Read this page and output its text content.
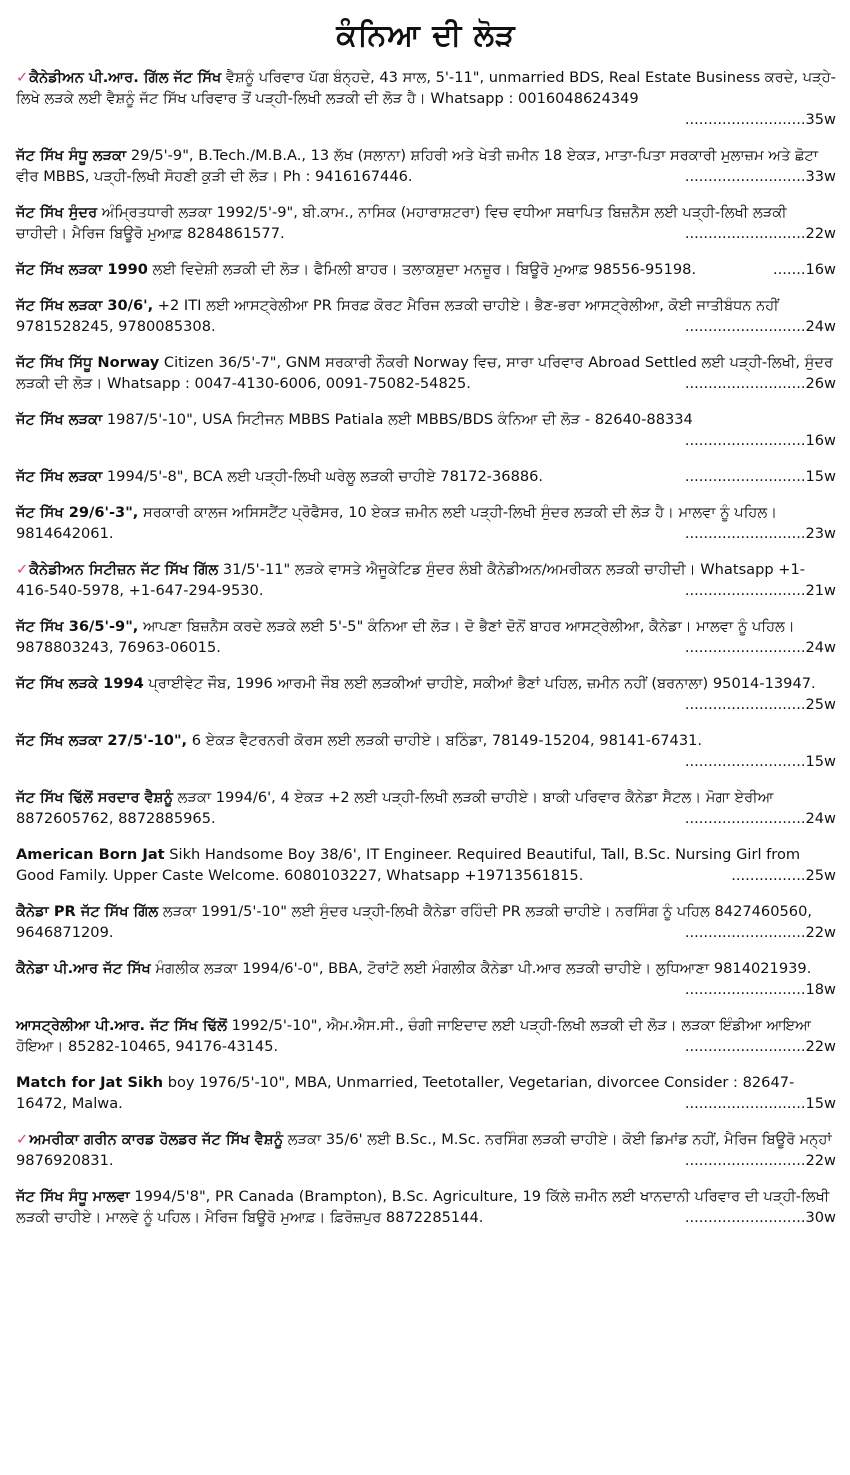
ਕੰਨਿਆ ਦੀ ਲੋੜ
✓ਕੈਨੇਡੀਅਨ ਪੀ.ਆਰ. ਗਿੱਲ ਜੱਟ ਸਿੱਖ ਵੈਸ਼ਨੂੰ ਪਰਿਵਾਰ ਪੱਗ ਬੰਨ੍ਹਦੇ, 43 ਸਾਲ, 5'-11", unmarried BDS, Real Estate Business ਕਰਦੇ, ਪੜ੍ਹੇ-ਲਿਖੇ ਲੜਕੇ ਲਈ ਵੈਸ਼ਨੂੰ ਜੱਟ ਸਿੱਖ ਪਰਿਵਾਰ ਤੋਂ ਪੜ੍ਹੀ-ਲਿਖੀ ਲੜਕੀ ਦੀ ਲੋੜ ਹੈ। Whatsapp : 0016048624349
..........................35w
ਜੱਟ ਸਿੱਖ ਸੰਧੂ ਲੜਕਾ 29/5'-9", B.Tech./M.B.A., 13 ਲੱਖ (ਸਲਾਨਾ) ਸ਼ਹਿਰੀ ਅਤੇ ਖੇਤੀ ਜ਼ਮੀਨ 18 ਏਕੜ, ਮਾਤਾ-ਪਿਤਾ ਸਰਕਾਰੀ ਮੁਲਾਜ਼ਮ ਅਤੇ ਛੋਟਾ ਵੀਰ MBBS, ਪੜ੍ਹੀ-ਲਿਖੀ ਸੋਹਣੀ ਕੁੜੀ ਦੀ ਲੋੜ। Ph : 9416167446.	..........................33w
ਜੱਟ ਸਿੱਖ ਸੁੰਦਰ ਅੰਮ੍ਰਿਤਧਾਰੀ ਲੜਕਾ 1992/5'-9", ਬੀ.ਕਾਮ., ਨਾਸਿਕ (ਮਹਾਰਾਸ਼ਟਰਾ) ਵਿਚ ਵਧੀਆ ਸਥਾਪਿਤ ਬਿਜ਼ਨੈਸ ਲਈ ਪੜ੍ਹੀ-ਲਿਖੀ ਲੜਕੀ ਚਾਹੀਦੀ। ਮੈਰਿਜ ਬਿਊਰੋ ਮੁਆਫ਼ 8284861577.	..........................22w
ਜੱਟ ਸਿੱਖ ਲੜਕਾ 1990 ਲਈ ਵਿਦੇਸ਼ੀ ਲੜਕੀ ਦੀ ਲੋੜ। ਫੈਮਿਲੀ ਬਾਹਰ। ਤਲਾਕਸ਼ੁਦਾ ਮਨਜ਼ੂਰ। ਬਿਊਰੋ ਮੁਆਫ਼ 98556-95198.	.......16w
ਜੱਟ ਸਿੱਖ ਲੜਕਾ 30/6', +2 ITI ਲਈ ਆਸਟ੍ਰੇਲੀਆ PR ਸਿਰਫ਼ ਕੋਰਟ ਮੈਰਿਜ ਲੜਕੀ ਚਾਹੀਏ। ਭੈਣ-ਭਰਾ ਆਸਟ੍ਰੇਲੀਆ, ਕੋਈ ਜਾਤੀਬੰਧਨ ਨਹੀਂ 9781528245, 9780085308.	..........................24w
ਜੱਟ ਸਿੱਖ ਸਿੱਧੂ Norway Citizen 36/5'-7", GNM ਸਰਕਾਰੀ ਨੌਕਰੀ Norway ਵਿਚ, ਸਾਰਾ ਪਰਿਵਾਰ Abroad Settled ਲਈ ਪੜ੍ਹੀ-ਲਿਖੀ, ਸੁੰਦਰ ਲੜਕੀ ਦੀ ਲੋੜ। Whatsapp : 0047-4130-6006, 0091-75082-54825.	..........................26w
ਜੱਟ ਸਿੱਖ ਲੜਕਾ 1987/5'-10", USA ਸਿਟੀਜਨ MBBS Patiala ਲਈ MBBS/BDS ਕੰਨਿਆ ਦੀ ਲੋੜ - 82640-88334
..........................16w
ਜੱਟ ਸਿੱਖ ਲੜਕਾ 1994/5'-8", BCA ਲਈ ਪੜ੍ਹੀ-ਲਿਖੀ ਘਰੇਲੂ ਲੜਕੀ ਚਾਹੀਏ 78172-36886.	..........................15w
ਜੱਟ ਸਿੱਖ 29/6'-3", ਸਰਕਾਰੀ ਕਾਲਜ ਅਸਿਸਟੈਂਟ ਪ੍ਰੋਫੈਸਰ, 10 ਏਕੜ ਜ਼ਮੀਨ ਲਈ ਪੜ੍ਹੀ-ਲਿਖੀ ਸੁੰਦਰ ਲੜਕੀ ਦੀ ਲੋੜ ਹੈ। ਮਾਲਵਾ ਨੂੰ ਪਹਿਲ। 9814642061.	..........................23w
✓ਕੈਨੇਡੀਅਨ ਸਿਟੀਜ਼ਨ ਜੱਟ ਸਿੱਖ ਗਿੱਲ 31/5'-11" ਲੜਕੇ ਵਾਸਤੇ ਐਜੂਕੇਟਿਡ ਸੁੰਦਰ ਲੰਬੀ ਕੈਨੇਡੀਅਨ/ਅਮਰੀਕਨ ਲੜਕੀ ਚਾਹੀਦੀ। Whatsapp +1-416-540-5978, +1-647-294-9530.	..........................21w
ਜੱਟ ਸਿੱਖ 36/5'-9", ਆਪਣਾ ਬਿਜ਼ਨੈਸ ਕਰਦੇ ਲੜਕੇ ਲਈ 5'-5" ਕੰਨਿਆ ਦੀ ਲੋੜ। ਦੋ ਭੈਣਾਂ ਦੋਨੋਂ ਬਾਹਰ ਆਸਟ੍ਰੇਲੀਆ, ਕੈਨੇਡਾ। ਮਾਲਵਾ ਨੂੰ ਪਹਿਲ। 9878803243, 76963-06015.	..........................24w
ਜੱਟ ਸਿੱਖ ਲੜਕੇ 1994 ਪ੍ਰਾਈਵੇਟ ਜੌਬ, 1996 ਆਰਮੀ ਜੌਬ ਲਈ ਲੜਕੀਆਂ ਚਾਹੀਏ, ਸਕੀਆਂ ਭੈਣਾਂ ਪਹਿਲ, ਜ਼ਮੀਨ ਨਹੀਂ (ਬਰਨਾਲਾ) 95014-13947.
..........................25w
ਜੱਟ ਸਿੱਖ ਲੜਕਾ 27/5'-10", 6 ਏਕੜ ਵੈਟਰਨਰੀ ਕੋਰਸ ਲਈ ਲੜਕੀ ਚਾਹੀਏ। ਬਠਿੰਡਾ, 78149-15204, 98141-67431.
..........................15w
ਜੱਟ ਸਿੱਖ ਢਿੱਲੋਂ ਸਰਦਾਰ ਵੈਸ਼ਨੂੰ ਲੜਕਾ 1994/6', 4 ਏਕੜ +2 ਲਈ ਪੜ੍ਹੀ-ਲਿਖੀ ਲੜਕੀ ਚਾਹੀਏ। ਬਾਕੀ ਪਰਿਵਾਰ ਕੈਨੇਡਾ ਸੈਟਲ। ਮੋਗਾ ਏਰੀਆ 8872605762, 8872885965.	..........................24w
American Born Jat Sikh Handsome Boy 38/6', IT Engineer. Required Beautiful, Tall, B.Sc. Nursing Girl from Good Family. Upper Caste Welcome. 6080103227, Whatsapp +19713561815.	................25w
ਕੈਨੇਡਾ PR ਜੱਟ ਸਿੱਖ ਗਿੱਲ ਲੜਕਾ 1991/5'-10" ਲਈ ਸੁੰਦਰ ਪੜ੍ਹੀ-ਲਿਖੀ ਕੈਨੇਡਾ ਰਹਿੰਦੀ PR ਲੜਕੀ ਚਾਹੀਏ। ਨਰਸਿੰਗ ਨੂੰ ਪਹਿਲ 8427460560, 9646871209.	..........................22w
ਕੈਨੇਡਾ ਪੀ.ਆਰ ਜੱਟ ਸਿੱਖ ਮੰਗਲੀਕ ਲੜਕਾ 1994/6'-0", BBA, ਟੋਰਾਂਟੋ ਲਈ ਮੰਗਲੀਕ ਕੈਨੇਡਾ ਪੀ.ਆਰ ਲੜਕੀ ਚਾਹੀਏ। ਲੁਧਿਆਣਾ 9814021939.
..........................18w
ਆਸਟ੍ਰੇਲੀਆ ਪੀ.ਆਰ. ਜੱਟ ਸਿੱਖ ਢਿੱਲੋਂ 1992/5'-10", ਐਮ.ਐਸ.ਸੀ., ਚੰਗੀ ਜਾਇਦਾਦ ਲਈ ਪੜ੍ਹੀ-ਲਿਖੀ ਲੜਕੀ ਦੀ ਲੋੜ। ਲੜਕਾ ਇੰਡੀਆ ਆਇਆ ਹੋਇਆ। 85282-10465, 94176-43145.	..........................22w
Match for Jat Sikh boy 1976/5'-10", MBA, Unmarried, Teetotaller, Vegetarian, divorcee Consider : 82647-16472, Malwa.	..........................15w
✓ਅਮਰੀਕਾ ਗਰੀਨ ਕਾਰਡ ਹੋਲਡਰ ਜੱਟ ਸਿੱਖ ਵੈਸ਼ਨੂੰ ਲੜਕਾ 35/6' ਲਈ B.Sc., M.Sc. ਨਰਸਿੰਗ ਲੜਕੀ ਚਾਹੀਏ। ਕੋਈ ਡਿਮਾਂਡ ਨਹੀਂ, ਮੈਰਿਜ ਬਿਊਰੋ ਮਨ੍ਹਾਂ 9876920831.	..........................22w
ਜੱਟ ਸਿੱਖ ਸੰਧੂ ਮਾਲਵਾ 1994/5'8", PR Canada (Brampton), B.Sc. Agriculture, 19 ਕਿੱਲੇ ਜ਼ਮੀਨ ਲਈ ਖਾਨਦਾਨੀ ਪਰਿਵਾਰ ਦੀ ਪੜ੍ਹੀ-ਲਿਖੀ ਲੜਕੀ ਚਾਹੀਏ। ਮਾਲਵੇ ਨੂੰ ਪਹਿਲ। ਮੈਰਿਜ ਬਿਊਰੋ ਮੁਆਫ਼। ਫ਼ਿਰੋਜ਼ਪੁਰ 8872285144.	..........................30w
